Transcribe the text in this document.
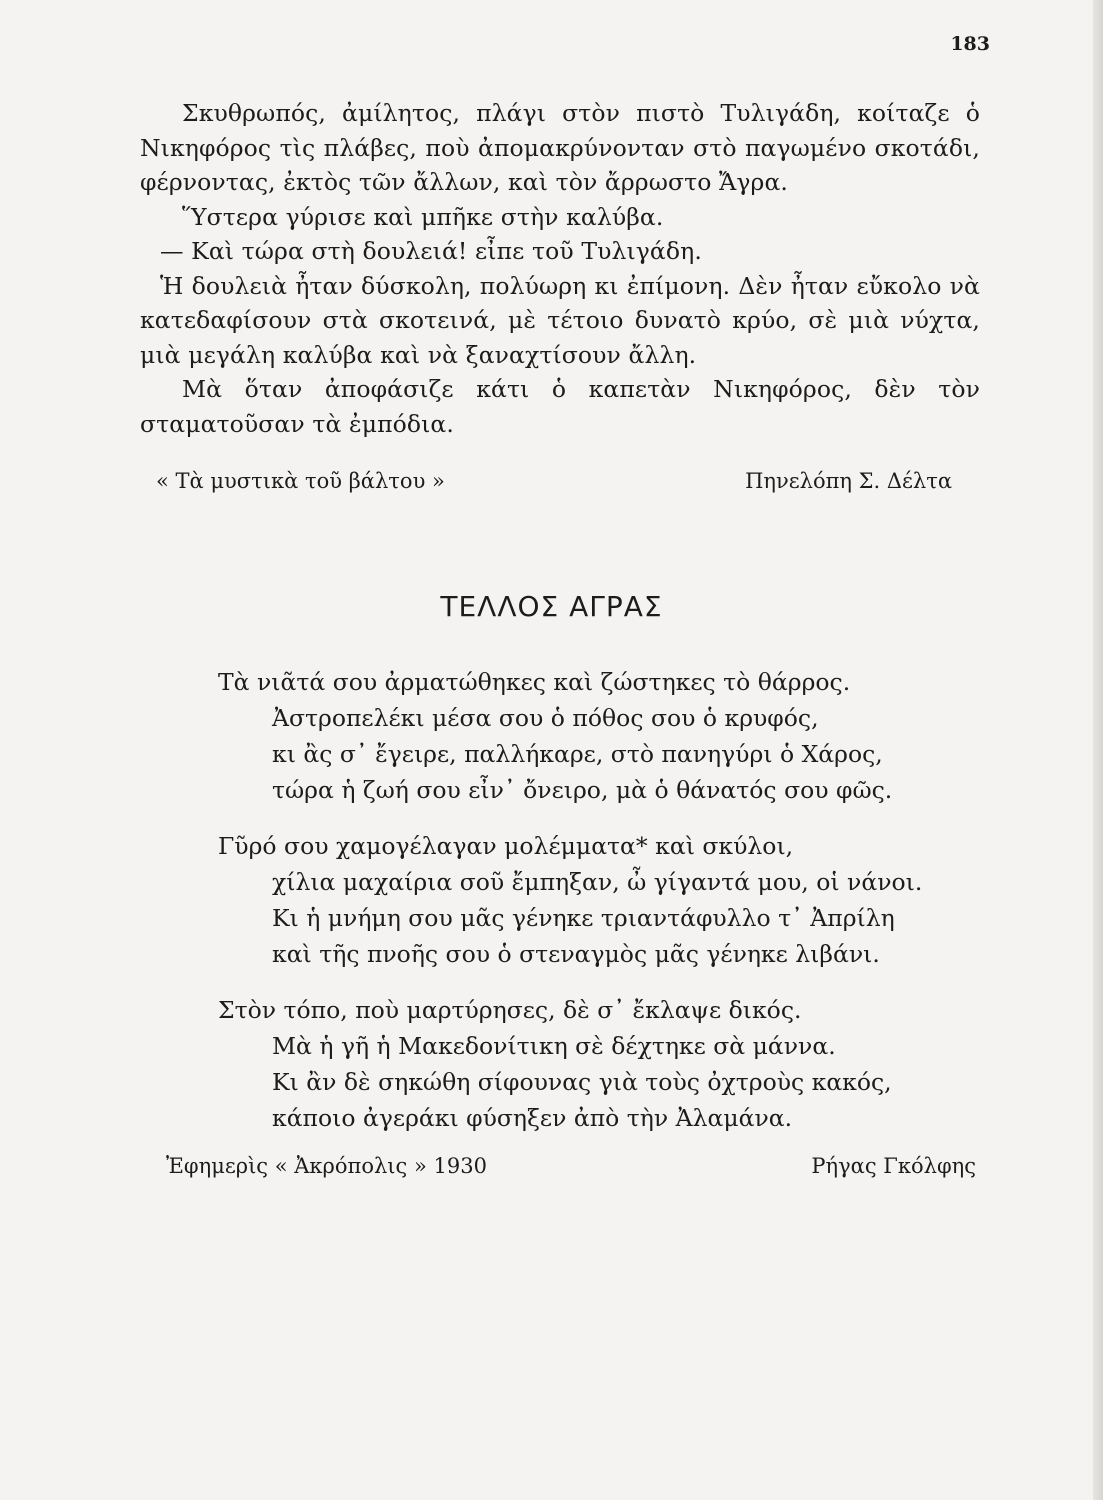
183

Σκυθρωπός, ἀμίλητος, πλάγι στὸν πιστὸ Τυλιγάδη, κοίταζε ὁ Νικηφόρος τὶς πλάβες, ποὺ ἀπομακρύνονταν στὸ παγωμένο σκοτάδι, φέρνοντας, ἐκτὸς τῶν ἄλλων, καὶ τὸν ἄρρωστο Ἄγρα.

Ὕστερα γύρισε καὶ μπῆκε στὴν καλύβα.

— Καὶ τώρα στὴ δουλειά! εἶπε τοῦ Τυλιγάδη.

Ἡ δουλειὰ ἦταν δύσκολη, πολύωρη κι ἐπίμονη. Δὲν ἦταν εὔκολο νὰ κατεδαφίσουν στὰ σκοτεινά, μὲ τέτοιο δυνατὸ κρύο, σὲ μιὰ νύχτα, μιὰ μεγάλη καλύβα καὶ νὰ ξαναχτίσουν ἄλλη.

Μὰ ὅταν ἀποφάσιζε κάτι ὁ καπετὰν Νικηφόρος, δὲν τὸν σταματοῦσαν τὰ ἐμπόδια.

« Τὰ μυστικὰ τοῦ βάλτου »	Πηνελόπη Σ. Δέλτα
ΤΕΛΛΟΣ ΑΓΡΑΣ
Τὰ νιᾶτά σου ἀρματώθηκες καὶ ζώστηκες τὸ θάρρος.
Ἀστροπελέκι μέσα σου ὁ πόθος σου ὁ κρυφός,
κι ἂς σ᾿ ἔγειρε, παλλήκαρε, στὸ πανηγύρι ὁ Χάρος,
τώρα ἡ ζωή σου εἶν᾿ ὄνειρο, μὰ ὁ θάνατός σου φῶς.
Γῦρό σου χαμογέλαγαν μολέμματα* καὶ σκύλοι,
χίλια μαχαίρια σοῦ ἔμπηξαν, ὦ γίγαντά μου, οἱ νάνοι.
Κι ἡ μνήμη σου μᾶς γένηκε τριαντάφυλλο τ᾿ Ἀπρίλη
καὶ τῆς πνοῆς σου ὁ στεναγμὸς μᾶς γένηκε λιβάνι.
Στὸν τόπο, ποὺ μαρτύρησες, δὲ σ᾿ ἔκλαψε δικός.
Μὰ ἡ γῆ ἡ Μακεδονίτικη σὲ δέχτηκε σὰ μάννα.
Κι ἂν δὲ σηκώθη σίφουνας γιὰ τοὺς ὀχτροὺς κακός,
κάποιο ἀγεράκι φύσηξεν ἀπὸ τὴν Ἀλαμάνα.
Ἐφημερὶς « Ἀκρόπολις » 1930	Ρήγας Γκόλφης
